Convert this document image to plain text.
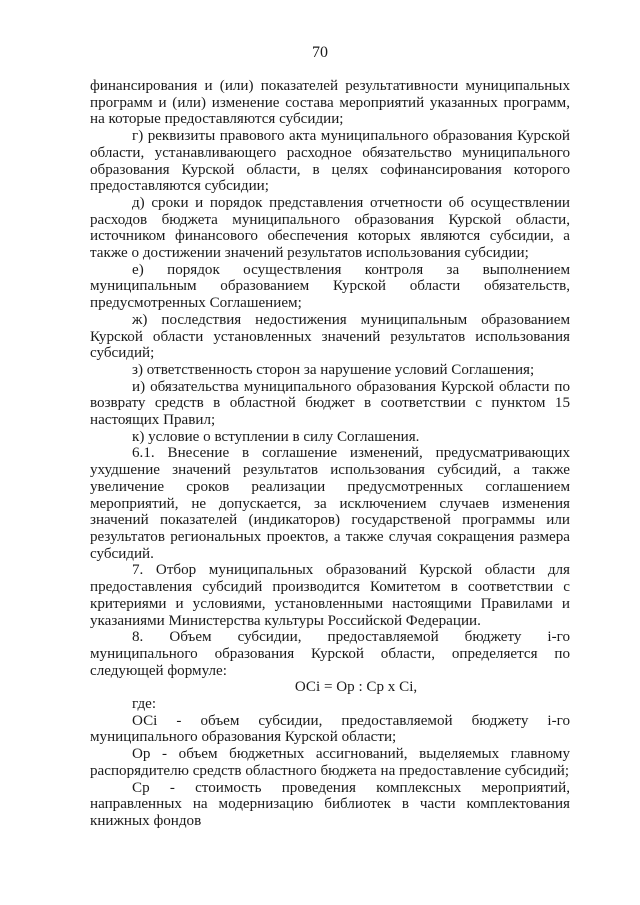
70

финансирования и (или) показателей результативности муниципальных программ и (или) изменение состава мероприятий указанных программ, на которые предоставляются субсидии;

г) реквизиты правового акта муниципального образования Курской области, устанавливающего расходное обязательство муниципального образования Курской области, в целях софинансирования которого предоставляются субсидии;

д) сроки и порядок представления отчетности об осуществлении расходов бюджета муниципального образования Курской области, источником финансового обеспечения которых являются субсидии, а также о достижении значений результатов использования субсидии;

е) порядок осуществления контроля за выполнением муниципальным образованием Курской области обязательств, предусмотренных Соглашением;

ж) последствия недостижения муниципальным образованием Курской области установленных значений результатов использования субсидий;

з) ответственность сторон за нарушение условий Соглашения;

и) обязательства муниципального образования Курской области по возврату средств в областной бюджет в соответствии с пунктом 15 настоящих Правил;

к) условие о вступлении в силу Соглашения.

6.1. Внесение в соглашение изменений, предусматривающих ухудшение значений результатов использования субсидий, а также увеличение сроков реализации предусмотренных соглашением мероприятий, не допускается, за исключением случаев изменения значений показателей (индикаторов) государственой программы или результатов региональных проектов, а также случая сокращения размера субсидий.

7. Отбор муниципальных образований Курской области для предоставления субсидий производится Комитетом в соответствии с критериями и условиями, установленными настоящими Правилами и указаниями Министерства культуры Российской Федерации.

8. Объем субсидии, предоставляемой бюджету i-го муниципального образования Курской области, определяется по следующей формуле:

ОСi = Ор : Ср х Сi,

где:

ОСi - объем субсидии, предоставляемой бюджету i-го муниципального образования Курской области;

Ор - объем бюджетных ассигнований, выделяемых главному распорядителю средств областного бюджета на предоставление субсидий;

Ср - стоимость проведения комплексных мероприятий, направленных на модернизацию библиотек в части комплектования книжных фондов
